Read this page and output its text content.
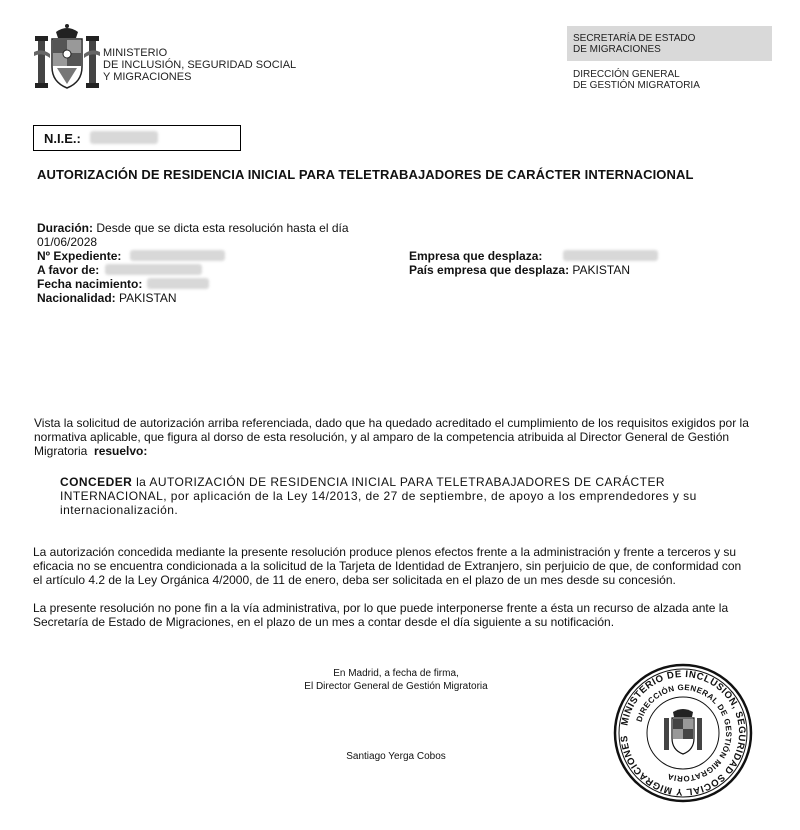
MINISTERIO
DE INCLUSIÓN, SEGURIDAD SOCIAL
Y MIGRACIONES
SECRETARÍA DE ESTADO
DE MIGRACIONES
DIRECCIÓN GENERAL
DE GESTIÓN MIGRATORIA
N.I.E.:
AUTORIZACIÓN DE RESIDENCIA INICIAL PARA TELETRABAJADORES DE CARÁCTER INTERNACIONAL
Duración: Desde que se dicta esta resolución hasta el día
01/06/2028
Nº Expediente:
A favor de:
Fecha nacimiento:
Nacionalidad: PAKISTAN
Empresa que desplaza:
País empresa que desplaza: PAKISTAN
Vista la solicitud de autorización arriba referenciada, dado que ha quedado acreditado el cumplimiento de los requisitos exigidos por la
normativa aplicable, que figura al dorso de esta resolución, y al amparo de la competencia atribuida al Director General de Gestión
Migratoria resuelvo:
CONCEDER la AUTORIZACIÓN DE RESIDENCIA INICIAL PARA TELETRABAJADORES DE CARÁCTER
INTERNACIONAL, por aplicación de la Ley 14/2013, de 27 de septiembre, de apoyo a los emprendedores y su
internacionalización.
La autorización concedida mediante la presente resolución produce plenos efectos frente a la administración y frente a terceros y su
eficacia no se encuentra condicionada a la solicitud de la Tarjeta de Identidad de Extranjero, sin perjuicio de que, de conformidad con
el artículo 4.2 de la Ley Orgánica 4/2000, de 11 de enero, deba ser solicitada en el plazo de un mes desde su concesión.
La presente resolución no pone fin a la vía administrativa, por lo que puede interponerse frente a ésta un recurso de alzada ante la
Secretaría de Estado de Migraciones, en el plazo de un mes a contar desde el día siguiente a su notificación.
En Madrid, a fecha de firma,
El Director General de Gestión Migratoria
Santiago Yerga Cobos
MINISTERIO DE INCLUSIÓN, SEGURIDAD SOCIAL Y MIGRACIONES
DIRECCIÓN GENERAL DE GESTIÓN MIGRATORIA
